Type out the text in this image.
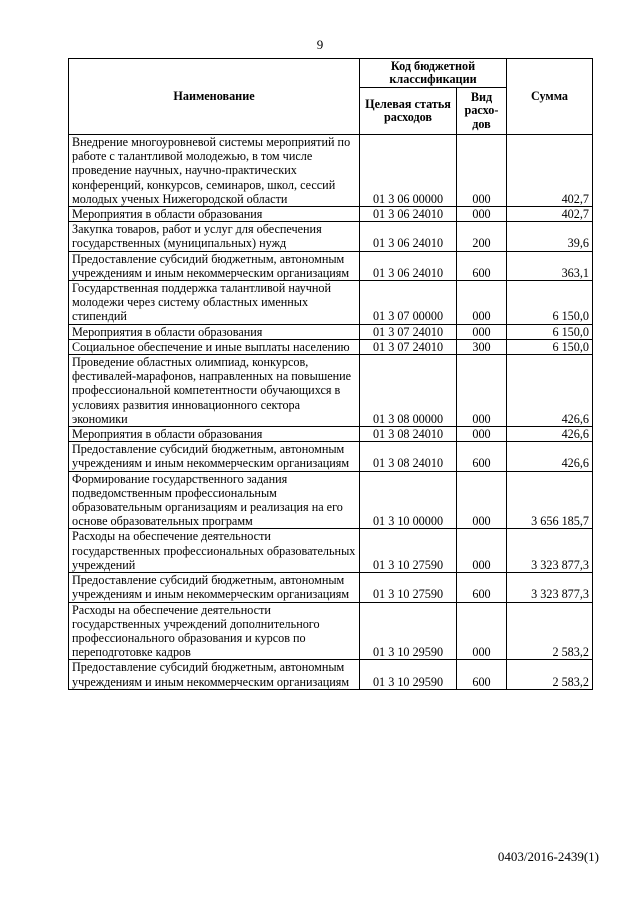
9
Наименование	Код бюджетной классификации		Сумма
	Целевая статья расходов	Вид расхо-дов	
Внедрение многоуровневой системы мероприятий по работе с талантливой молодежью, в том числе проведение научных, научно-практических конференций, конкурсов, семинаров, школ, сессий молодых ученых Нижегородской области	01 3 06 00000	000	402,7
Мероприятия в области образования	01 3 06 24010	000	402,7
Закупка товаров, работ и услуг для обеспечения государственных (муниципальных) нужд	01 3 06 24010	200	39,6
Предоставление субсидий бюджетным, автономным учреждениям и иным некоммерческим организациям	01 3 06 24010	600	363,1
Государственная поддержка талантливой научной молодежи через систему областных именных стипендий	01 3 07 00000	000	6 150,0
Мероприятия в области образования	01 3 07 24010	000	6 150,0
Социальное обеспечение и иные выплаты населению	01 3 07 24010	300	6 150,0
Проведение областных олимпиад, конкурсов, фестивалей-марафонов, направленных на повышение профессиональной компетентности обучающихся в условиях развития инновационного сектора экономики	01 3 08 00000	000	426,6
Мероприятия в области образования	01 3 08 24010	000	426,6
Предоставление субсидий бюджетным, автономным учреждениям и иным некоммерческим организациям	01 3 08 24010	600	426,6
Формирование государственного задания подведомственным профессиональным образовательным организациям и реализация на его основе образовательных программ	01 3 10 00000	000	3 656 185,7
Расходы на обеспечение деятельности государственных профессиональных образовательных учреждений	01 3 10 27590	000	3 323 877,3
Предоставление субсидий бюджетным, автономным учреждениям и иным некоммерческим организациям	01 3 10 27590	600	3 323 877,3
Расходы на обеспечение деятельности государственных учреждений дополнительного профессионального образования и курсов по переподготовке кадров	01 3 10 29590	000	2 583,2
Предоставление субсидий бюджетным, автономным учреждениям и иным некоммерческим организациям	01 3 10 29590	600	2 583,2
0403/2016-2439(1)
